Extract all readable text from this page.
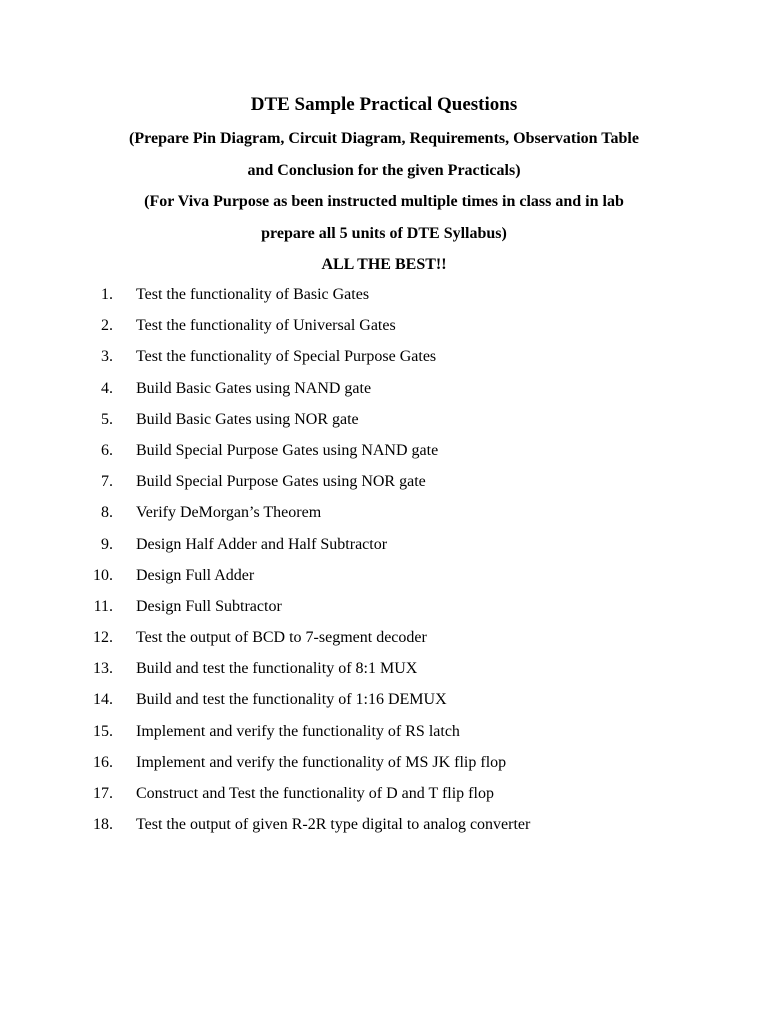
DTE Sample Practical Questions
(Prepare Pin Diagram, Circuit Diagram, Requirements, Observation Table
and Conclusion for the given Practicals)
(For Viva Purpose as been instructed multiple times in class and in lab
prepare all 5 units of DTE Syllabus)
ALL THE BEST!!
1. Test the functionality of Basic Gates
2. Test the functionality of Universal Gates
3. Test the functionality of Special Purpose Gates
4. Build Basic Gates using NAND gate
5. Build Basic Gates using NOR gate
6. Build Special Purpose Gates using NAND gate
7. Build Special Purpose Gates using NOR gate
8. Verify DeMorgan’s Theorem
9. Design Half Adder and Half Subtractor
10. Design Full Adder
11. Design Full Subtractor
12. Test the output of BCD to 7-segment decoder
13. Build and test the functionality of 8:1 MUX
14. Build and test the functionality of 1:16 DEMUX
15. Implement and verify the functionality of RS latch
16. Implement and verify the functionality of MS JK flip flop
17. Construct and Test the functionality of D and T flip flop
18. Test the output of given R-2R type digital to analog converter
